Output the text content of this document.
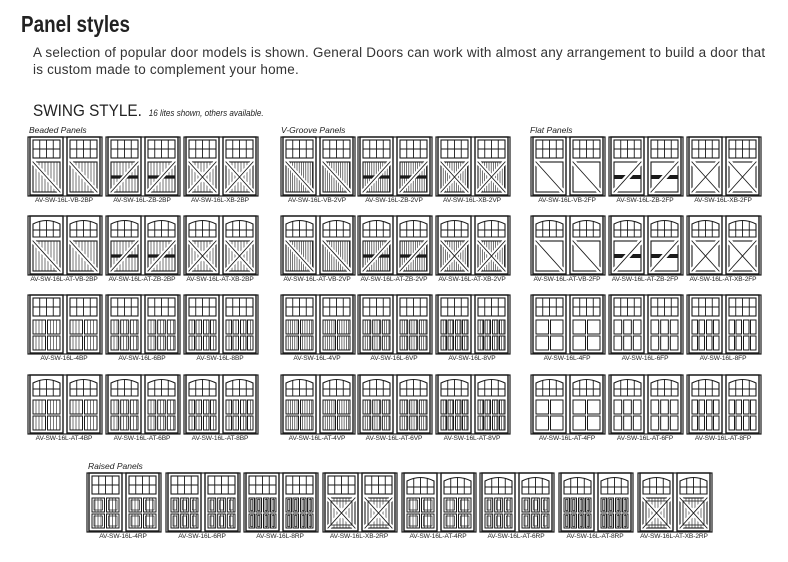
Panel styles
A selection of popular door models is shown. General Doors can work with almost any arrangement to build a door that is custom made to complement your home.
SWING STYLE. 16 lites shown, others available.
Beaded Panels	V-Groove Panels	Flat Panels
Raised Panels
AV-SW-16L-VB-2BP	AV-SW-16L-ZB-2BP	AV-SW-16L-XB-2BP	AV-SW-16L-VB-2VP	AV-SW-16L-ZB-2VP	AV-SW-16L-XB-2VP	AV-SW-16L-VB-2FP	AV-SW-16L-ZB-2FP	AV-SW-16L-XB-2FP
AV-SW-16L-AT-VB-2BP	AV-SW-16L-AT-ZB-2BP	AV-SW-16L-AT-XB-2BP	AV-SW-16L-AT-VB-2VP	AV-SW-16L-AT-ZB-2VP	AV-SW-16L-AT-XB-2VP	AV-SW-16L-AT-VB-2FP	AV-SW-16L-AT-ZB-2FP	AV-SW-16L-AT-XB-2FP
AV-SW-16L-4BP	AV-SW-16L-6BP	AV-SW-16L-8BP	AV-SW-16L-4VP	AV-SW-16L-6VP	AV-SW-16L-8VP	AV-SW-16L-4FP	AV-SW-16L-6FP	AV-SW-16L-8FP
AV-SW-16L-AT-4BP	AV-SW-16L-AT-6BP	AV-SW-16L-AT-8BP	AV-SW-16L-AT-4VP	AV-SW-16L-AT-6VP	AV-SW-16L-AT-8VP	AV-SW-16L-AT-4FP	AV-SW-16L-AT-6FP	AV-SW-16L-AT-8FP
AV-SW-16L-4RP	AV-SW-16L-6RP	AV-SW-16L-8RP	AV-SW-16L-XB-2RP	AV-SW-16L-AT-4RP	AV-SW-16L-AT-6RP	AV-SW-16L-AT-8RP	AV-SW-16L-AT-XB-2RP
